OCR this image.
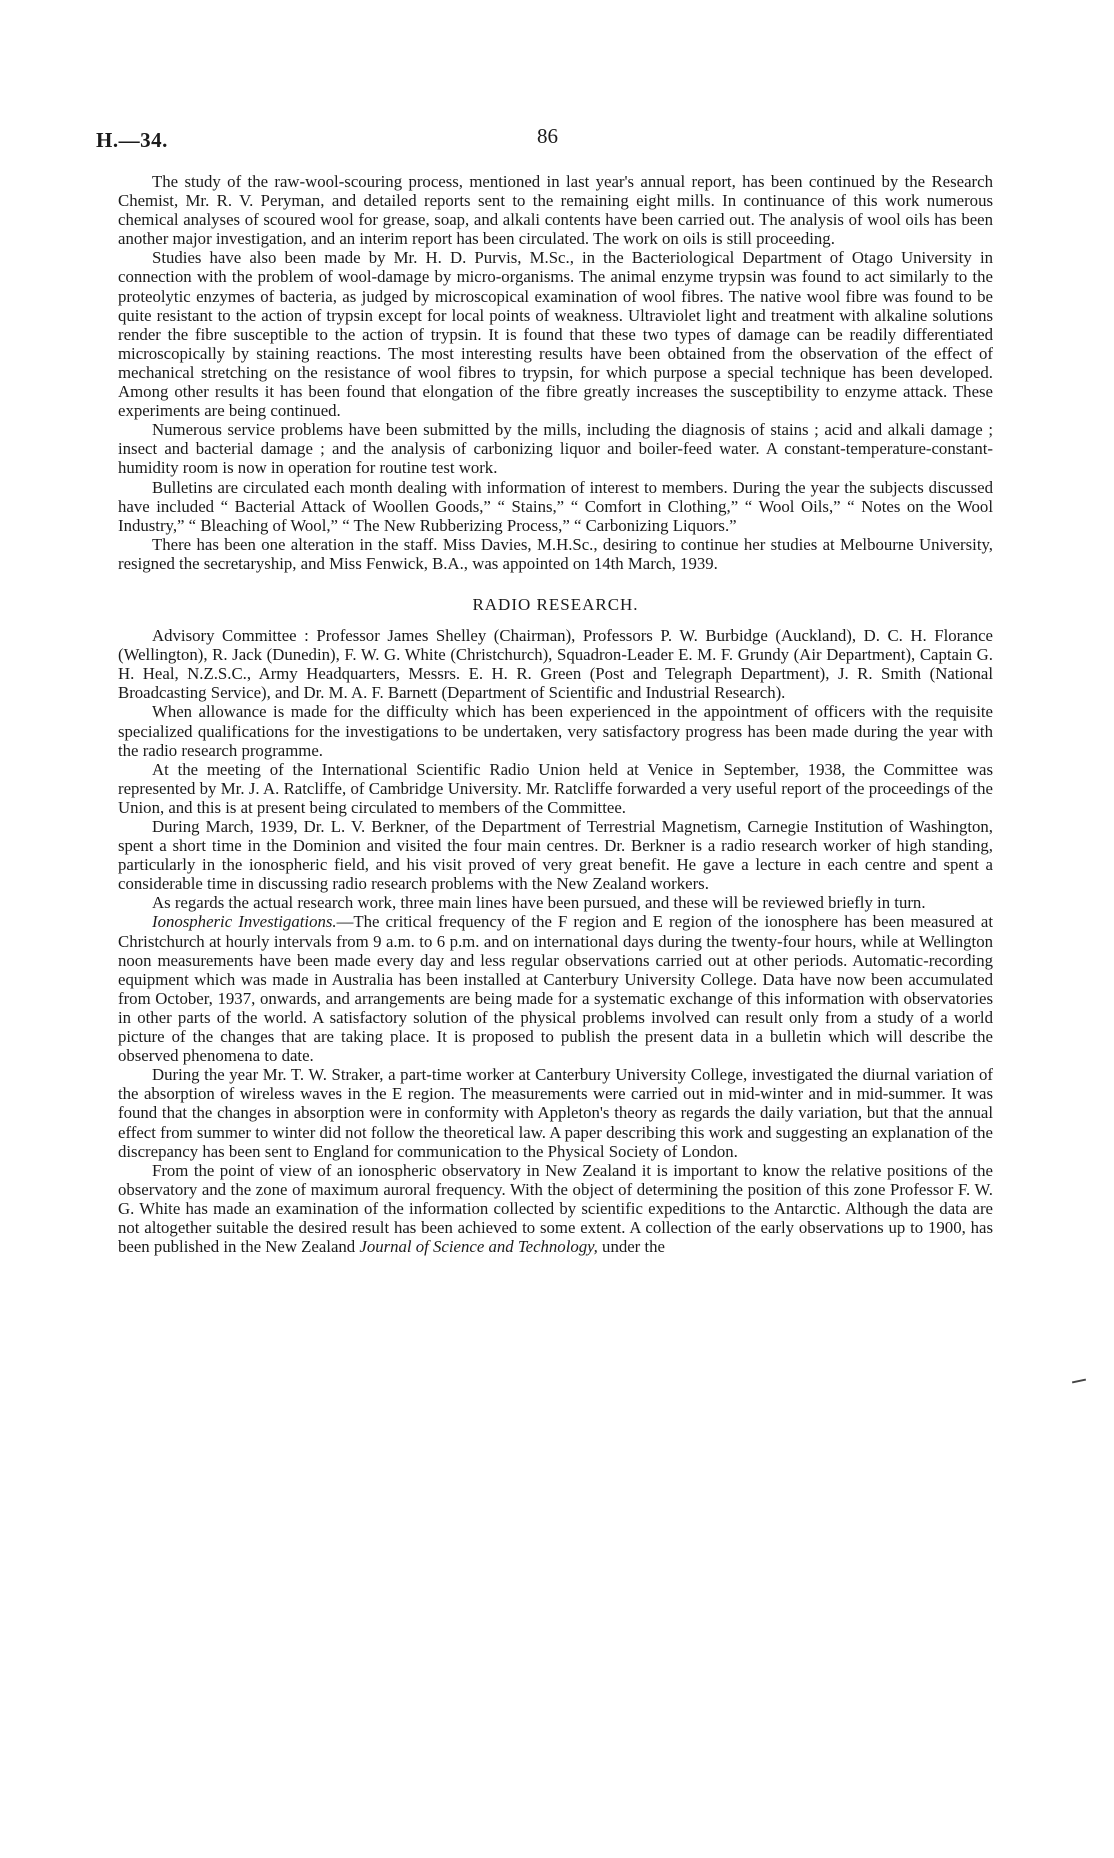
H.—34.	86

The study of the raw-wool-scouring process, mentioned in last year's annual report, has been continued by the Research Chemist, Mr. R. V. Peryman, and detailed reports sent to the remaining eight mills. In continuance of this work numerous chemical analyses of scoured wool for grease, soap, and alkali contents have been carried out. The analysis of wool oils has been another major investigation, and an interim report has been circulated. The work on oils is still proceeding.

Studies have also been made by Mr. H. D. Purvis, M.Sc., in the Bacteriological Department of Otago University in connection with the problem of wool-damage by micro-organisms. The animal enzyme trypsin was found to act similarly to the proteolytic enzymes of bacteria, as judged by microscopical examination of wool fibres. The native wool fibre was found to be quite resistant to the action of trypsin except for local points of weakness. Ultraviolet light and treatment with alkaline solutions render the fibre susceptible to the action of trypsin. It is found that these two types of damage can be readily differentiated microscopically by staining reactions. The most interesting results have been obtained from the observation of the effect of mechanical stretching on the resistance of wool fibres to trypsin, for which purpose a special technique has been developed. Among other results it has been found that elongation of the fibre greatly increases the susceptibility to enzyme attack. These experiments are being continued.

Numerous service problems have been submitted by the mills, including the diagnosis of stains ; acid and alkali damage ; insect and bacterial damage ; and the analysis of carbonizing liquor and boiler-feed water. A constant-temperature-constant-humidity room is now in operation for routine test work.

Bulletins are circulated each month dealing with information of interest to members. During the year the subjects discussed have included “ Bacterial Attack of Woollen Goods,” “ Stains,” “ Comfort in Clothing,” “ Wool Oils,” “ Notes on the Wool Industry,” “ Bleaching of Wool,” “ The New Rubberizing Process,” “ Carbonizing Liquors.”

There has been one alteration in the staff. Miss Davies, M.H.Sc., desiring to continue her studies at Melbourne University, resigned the secretaryship, and Miss Fenwick, B.A., was appointed on 14th March, 1939.

RADIO RESEARCH.

Advisory Committee : Professor James Shelley (Chairman), Professors P. W. Burbidge (Auckland), D. C. H. Florance (Wellington), R. Jack (Dunedin), F. W. G. White (Christchurch), Squadron-Leader E. M. F. Grundy (Air Department), Captain G. H. Heal, N.Z.S.C., Army Headquarters, Messrs. E. H. R. Green (Post and Telegraph Department), J. R. Smith (National Broadcasting Service), and Dr. M. A. F. Barnett (Department of Scientific and Industrial Research).

When allowance is made for the difficulty which has been experienced in the appointment of officers with the requisite specialized qualifications for the investigations to be undertaken, very satisfactory progress has been made during the year with the radio research programme.

At the meeting of the International Scientific Radio Union held at Venice in September, 1938, the Committee was represented by Mr. J. A. Ratcliffe, of Cambridge University. Mr. Ratcliffe forwarded a very useful report of the proceedings of the Union, and this is at present being circulated to members of the Committee.

During March, 1939, Dr. L. V. Berkner, of the Department of Terrestrial Magnetism, Carnegie Institution of Washington, spent a short time in the Dominion and visited the four main centres. Dr. Berkner is a radio research worker of high standing, particularly in the ionospheric field, and his visit proved of very great benefit. He gave a lecture in each centre and spent a considerable time in discussing radio research problems with the New Zealand workers.

As regards the actual research work, three main lines have been pursued, and these will be reviewed briefly in turn.

Ionospheric Investigations.—The critical frequency of the F region and E region of the ionosphere has been measured at Christchurch at hourly intervals from 9 a.m. to 6 p.m. and on international days during the twenty-four hours, while at Wellington noon measurements have been made every day and less regular observations carried out at other periods. Automatic-recording equipment which was made in Australia has been installed at Canterbury University College. Data have now been accumulated from October, 1937, onwards, and arrangements are being made for a systematic exchange of this information with observatories in other parts of the world. A satisfactory solution of the physical problems involved can result only from a study of a world picture of the changes that are taking place. It is proposed to publish the present data in a bulletin which will describe the observed phenomena to date.

During the year Mr. T. W. Straker, a part-time worker at Canterbury University College, investigated the diurnal variation of the absorption of wireless waves in the E region. The measurements were carried out in mid-winter and in mid-summer. It was found that the changes in absorption were in conformity with Appleton's theory as regards the daily variation, but that the annual effect from summer to winter did not follow the theoretical law. A paper describing this work and suggesting an explanation of the discrepancy has been sent to England for communication to the Physical Society of London.

From the point of view of an ionospheric observatory in New Zealand it is important to know the relative positions of the observatory and the zone of maximum auroral frequency. With the object of determining the position of this zone Professor F. W. G. White has made an examination of the information collected by scientific expeditions to the Antarctic. Although the data are not altogether suitable the desired result has been achieved to some extent. A collection of the early observations up to 1900, has been published in the New Zealand Journal of Science and Technology, under the
